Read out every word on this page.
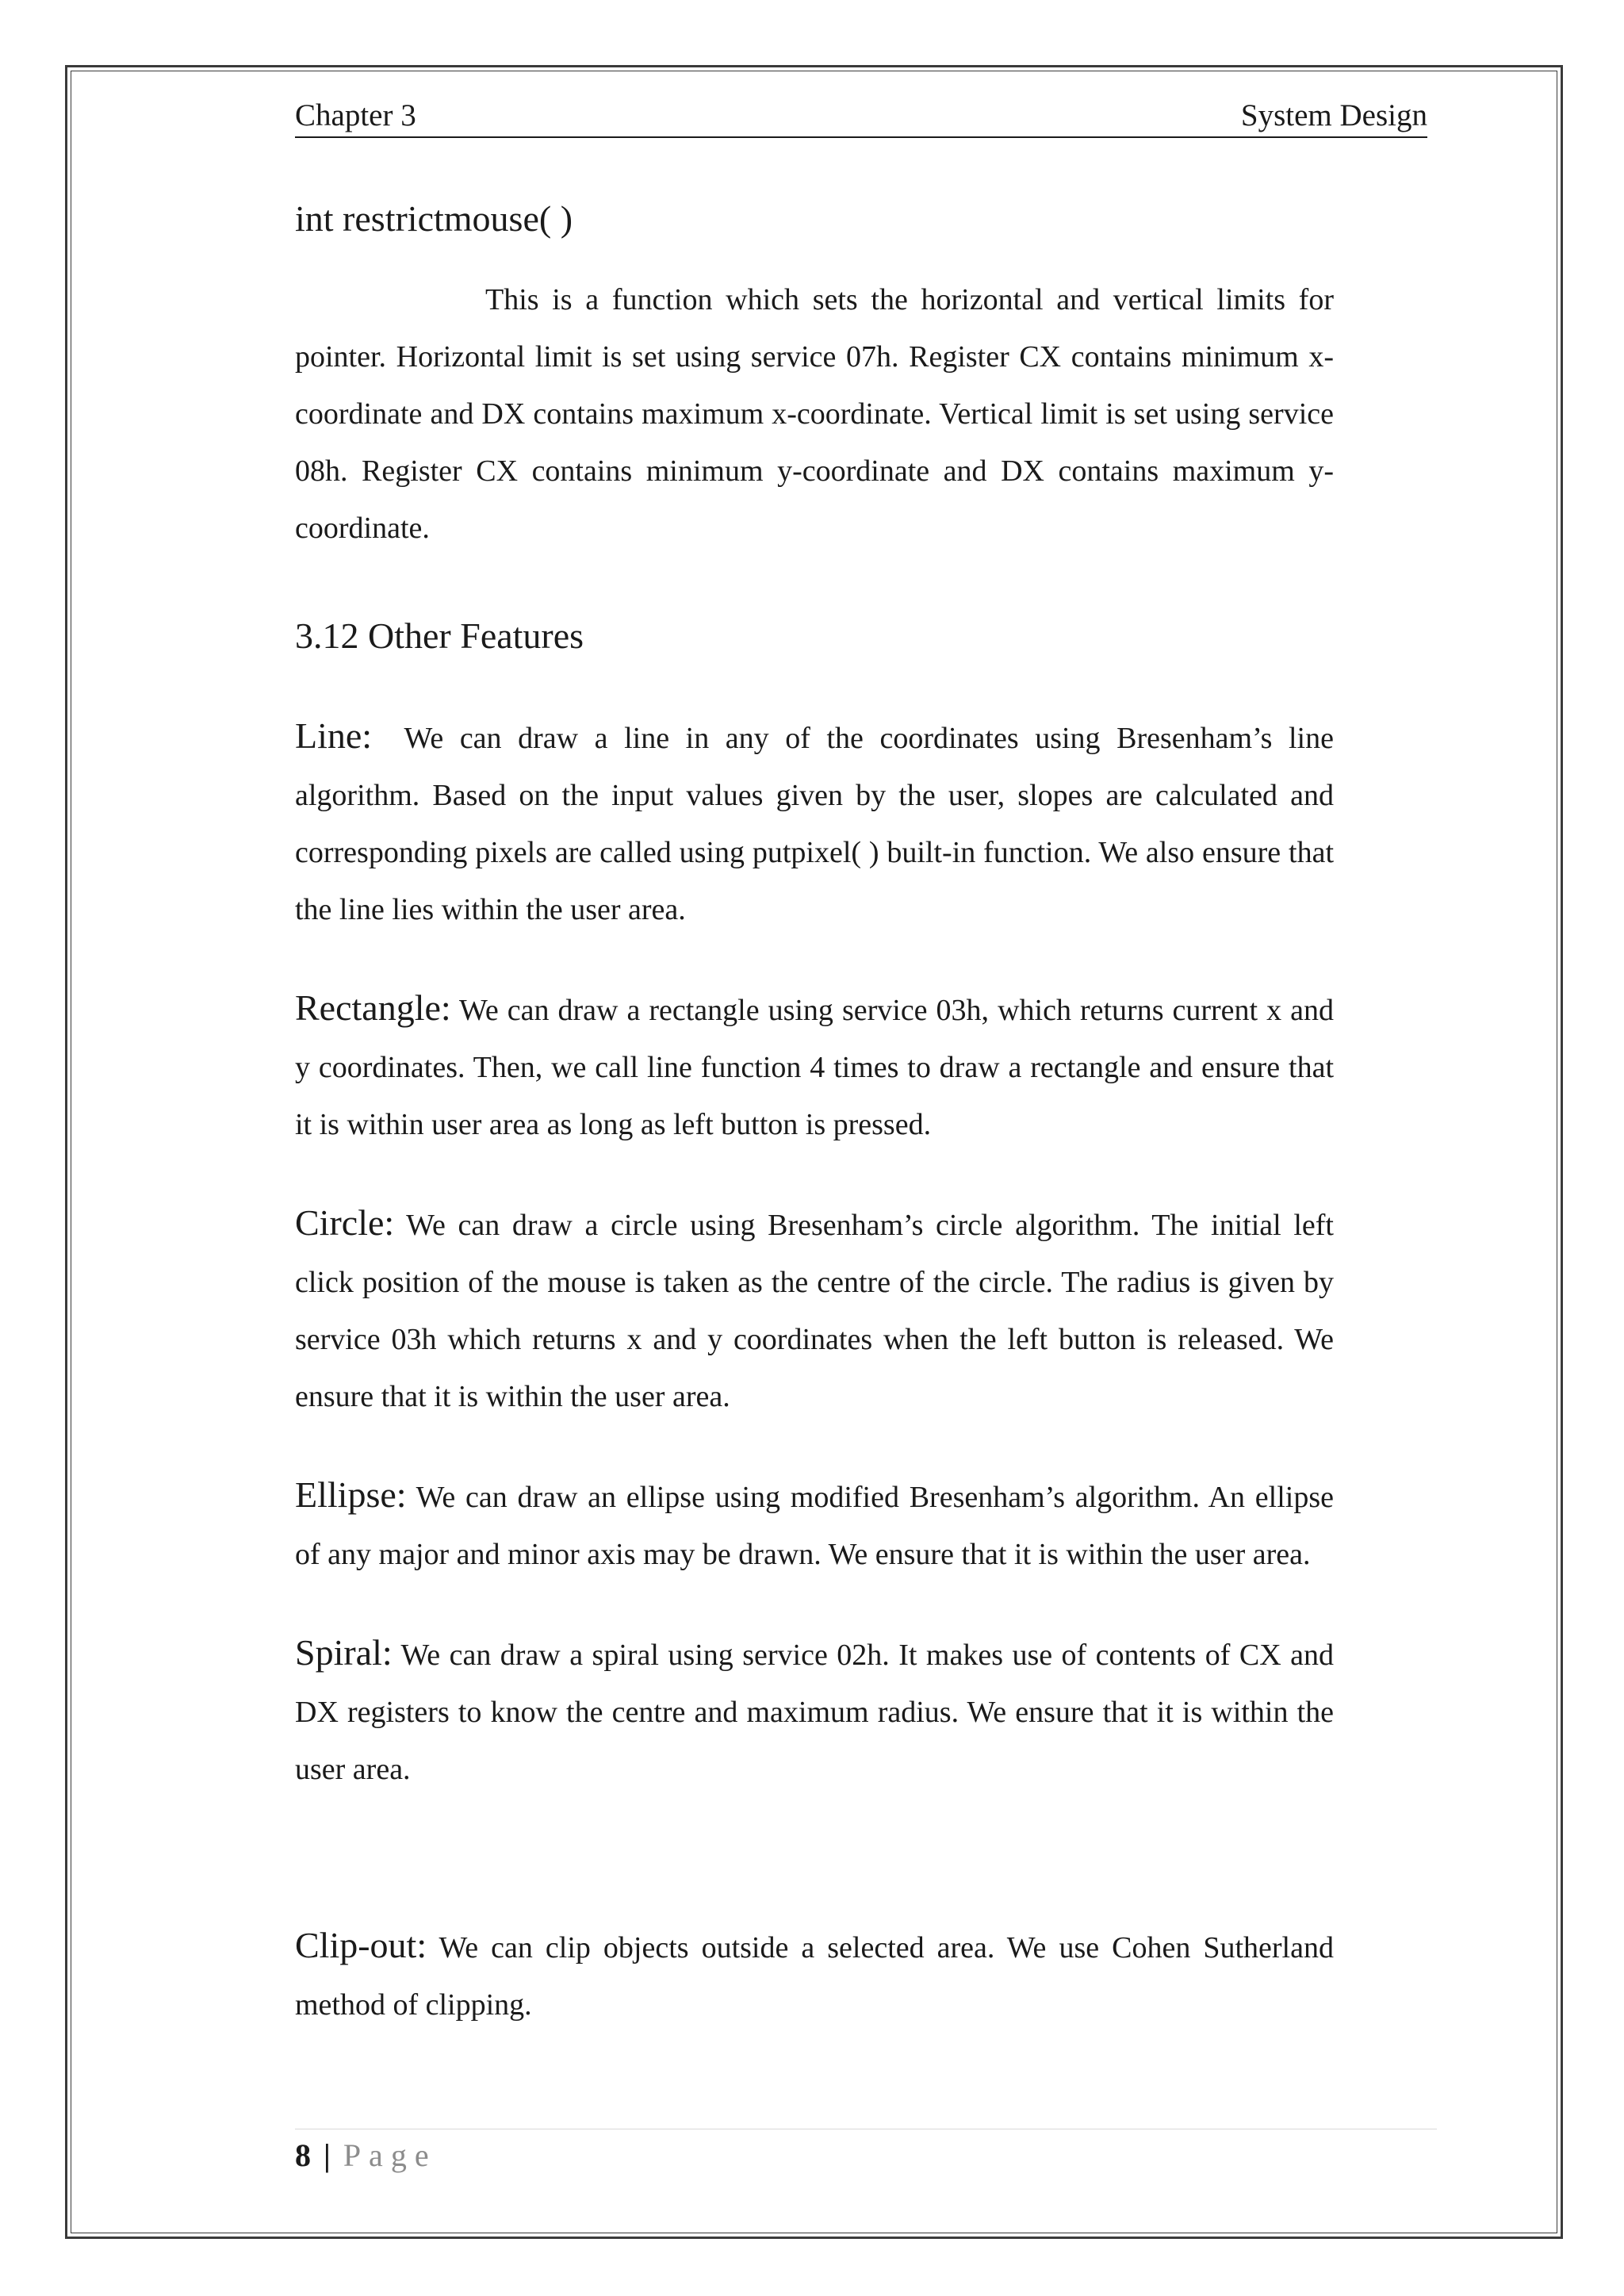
Chapter 3	System Design
int restrictmouse( )

This is a function which sets the horizontal and vertical limits for pointer. Horizontal limit is set using service 07h. Register CX contains minimum x-coordinate and DX contains maximum x-coordinate. Vertical limit is set using service 08h. Register CX contains minimum y-coordinate and DX contains maximum y-coordinate.

3.12 Other Features

Line: We can draw a line in any of the coordinates using Bresenham’s line algorithm. Based on the input values given by the user, slopes are calculated and corresponding pixels are called using putpixel( ) built-in function. We also ensure that the line lies within the user area.

Rectangle: We can draw a rectangle using service 03h, which returns current x and y coordinates. Then, we call line function 4 times to draw a rectangle and ensure that it is within user area as long as left button is pressed.

Circle: We can draw a circle using Bresenham’s circle algorithm. The initial left click position of the mouse is taken as the centre of the circle. The radius is given by service 03h which returns x and y coordinates when the left button is released. We ensure that it is within the user area.

Ellipse: We can draw an ellipse using modified Bresenham’s algorithm. An ellipse of any major and minor axis may be drawn. We ensure that it is within the user area.

Spiral: We can draw a spiral using service 02h. It makes use of contents of CX and DX registers to know the centre and maximum radius. We ensure that it is within the user area.

Clip-out: We can clip objects outside a selected area. We use Cohen Sutherland method of clipping.

8 | Page
